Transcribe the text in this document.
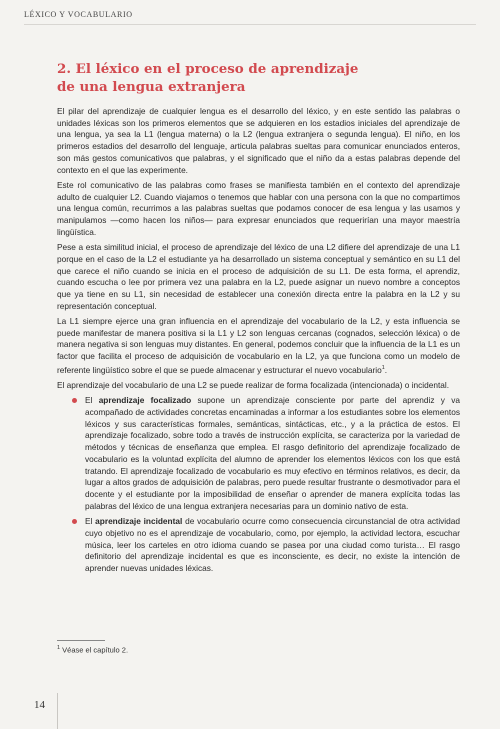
LÉXICO Y VOCABULARIO
2. El léxico en el proceso de aprendizaje
de una lengua extranjera

El pilar del aprendizaje de cualquier lengua es el desarrollo del léxico, y en este sentido las palabras o unidades léxicas son los primeros elementos que se adquieren en los estadios iniciales del aprendizaje de una lengua, ya sea la L1 (lengua materna) o la L2 (lengua extranjera o segunda lengua). El niño, en los primeros estadios del desarrollo del lenguaje, articula palabras sueltas para comunicar enunciados enteros, son más gestos comunicativos que palabras, y el significado que el niño da a estas palabras depende del contexto en el que las experimente.

Este rol comunicativo de las palabras como frases se manifiesta también en el contexto del aprendizaje adulto de cualquier L2. Cuando viajamos o tenemos que hablar con una persona con la que no compartimos una lengua común, recurrimos a las palabras sueltas que podamos conocer de esa lengua y las usamos y manipulamos —como hacen los niños— para expresar enunciados que requerirían una mayor maestría lingüística.

Pese a esta similitud inicial, el proceso de aprendizaje del léxico de una L2 difiere del aprendizaje de una L1 porque en el caso de la L2 el estudiante ya ha desarrollado un sistema conceptual y semántico en su L1 del que carece el niño cuando se inicia en el proceso de adquisición de su L1. De esta forma, el aprendiz, cuando escucha o lee por primera vez una palabra en la L2, puede asignar un nuevo nombre a conceptos que ya tiene en su L1, sin necesidad de establecer una conexión directa entre la palabra en la L2 y su representación conceptual.

La L1 siempre ejerce una gran influencia en el aprendizaje del vocabulario de la L2, y esta influencia se puede manifestar de manera positiva si la L1 y L2 son lenguas cercanas (cognados, selección léxica) o de manera negativa si son lenguas muy distantes. En general, podemos concluir que la influencia de la L1 es un factor que facilita el proceso de adquisición de vocabulario en la L2, ya que funciona como un modelo de referente lingüístico sobre el que se puede almacenar y estructurar el nuevo vocabulario$^1$.

El aprendizaje del vocabulario de una L2 se puede realizar de forma focalizada (intencionada) o incidental.

El aprendizaje focalizado supone un aprendizaje consciente por parte del aprendiz y va acompañado de actividades concretas encaminadas a informar a los estudiantes sobre los elementos léxicos y sus características formales, semánticas, sintácticas, etc., y a la práctica de estos. El aprendizaje focalizado, sobre todo a través de instrucción explícita, se caracteriza por la variedad de métodos y técnicas de enseñanza que emplea. El rasgo definitorio del aprendizaje focalizado de vocabulario es la voluntad explícita del alumno de aprender los elementos léxicos con los que está tratando. El aprendizaje focalizado de vocabulario es muy efectivo en términos relativos, es decir, da lugar a altos grados de adquisición de palabras, pero puede resultar frustrante o desmotivador para el docente y el estudiante por la imposibilidad de enseñar o aprender de manera explícita todas las palabras del léxico de una lengua extranjera necesarias para un dominio nativo de esta.
El aprendizaje incidental de vocabulario ocurre como consecuencia circunstancial de otra actividad cuyo objetivo no es el aprendizaje de vocabulario, como, por ejemplo, la actividad lectora, escuchar música, leer los carteles en otro idioma cuando se pasea por una ciudad como turista… El rasgo definitorio del aprendizaje incidental es que es inconsciente, es decir, no existe la intención de aprender nuevas unidades léxicas.
$^1$ Véase el capítulo 2.
14
